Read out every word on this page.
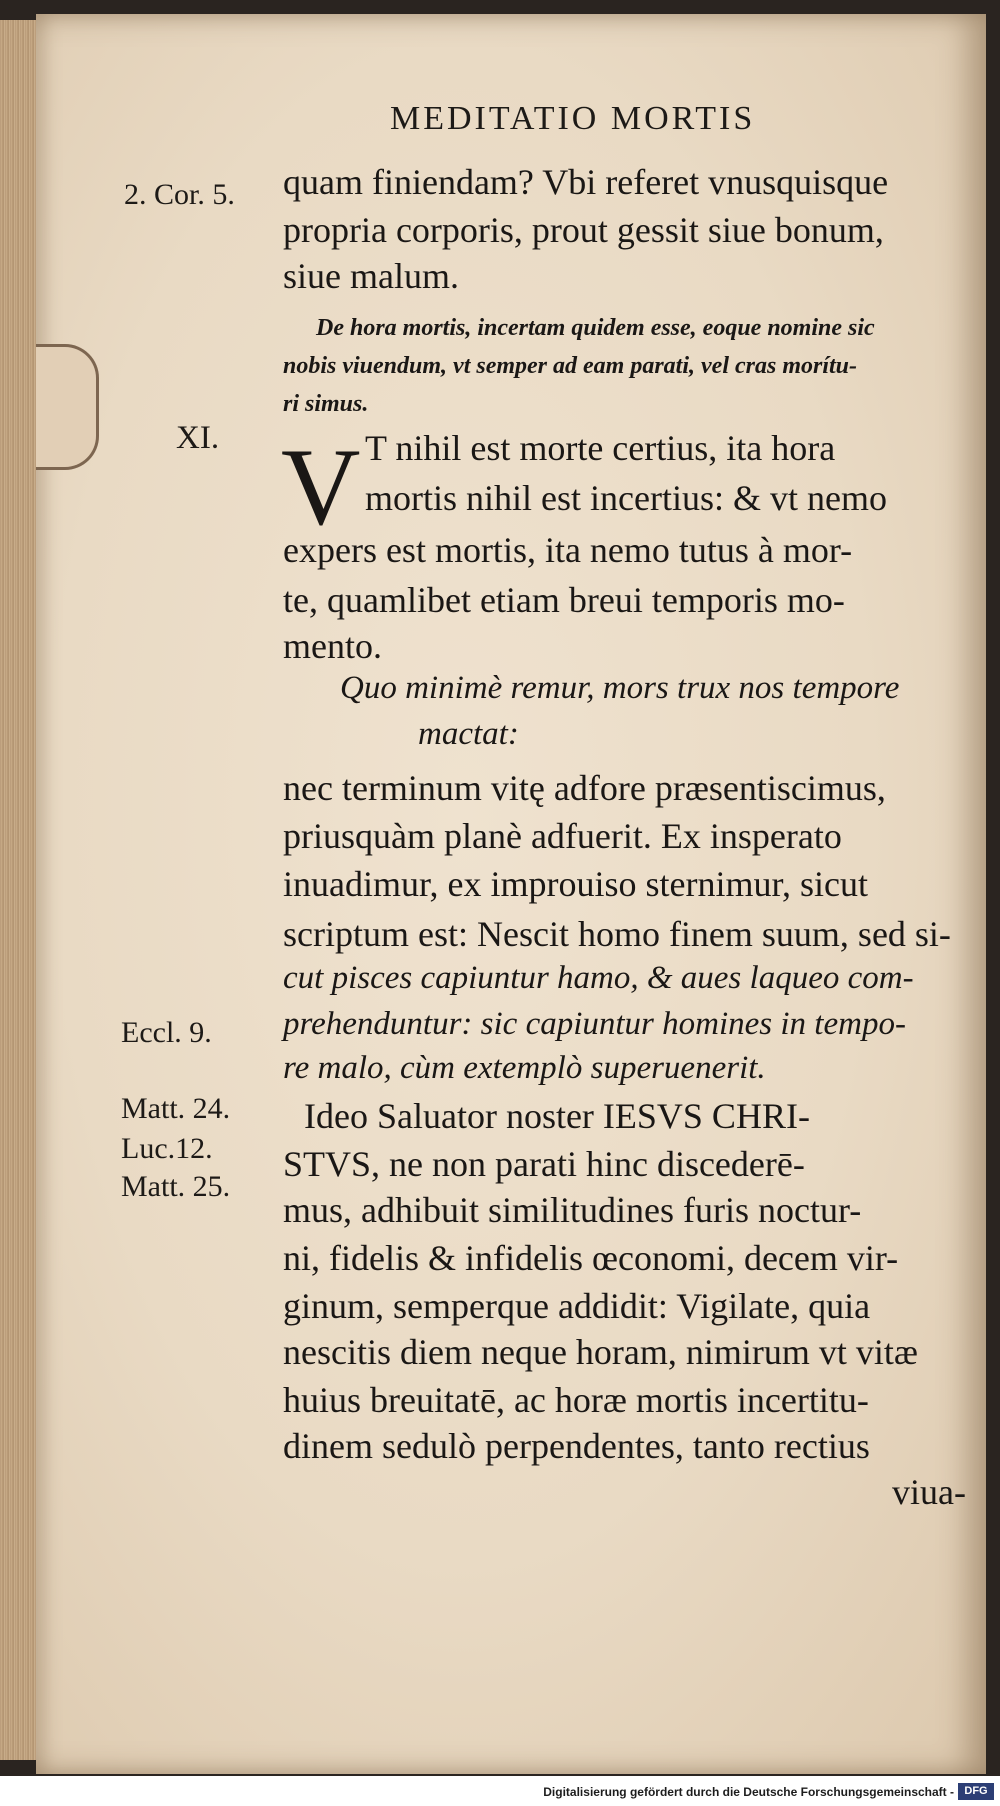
MEDITATIO MORTIS
2. Cor. 5.
XI.
Eccl. 9.
Matt. 24.
Luc.12.
Matt. 25.
quam finiendam? Vbi referet vnusquisque
propria corporis, prout gessit siue bonum,
siue malum.
De hora mortis, incertam quidem esse, eoque nomine sic
nobis viuendum, vt semper ad eam parati, vel cras morítu-
ri simus.
V T nihil est morte certius, ita hora
mortis nihil est incertius: & vt nemo
expers est mortis, ita nemo tutus à mor-
te, quamlibet etiam breui temporis mo-
mento.
Quo minimè remur, mors trux nos tempore
mactat:
nec terminum vitę adfore præsentiscimus,
priusquàm planè adfuerit. Ex insperato
inuadimur, ex improuiso sternimur, sicut
scriptum est: Nescit homo finem suum, sed si-
cut pisces capiuntur hamo, & aues laqueo com-
prehenduntur: sic capiuntur homines in tempo-
re malo, cùm extemplò superuenerit.
Ideo Saluator noster IESVS CHRI-
STVS, ne non parati hinc discederē-
mus, adhibuit similitudines furis noctur-
ni, fidelis & infidelis œconomi, decem vir-
ginum, semperque addidit: Vigilate, quia
nescitis diem neque horam, nimirum vt vitæ
huius breuitatē, ac horæ mortis incertitu-
dinem sedulò perpendentes, tanto rectius
viua-
Digitalisierung gefördert durch die Deutsche Forschungsgemeinschaft - DFG
